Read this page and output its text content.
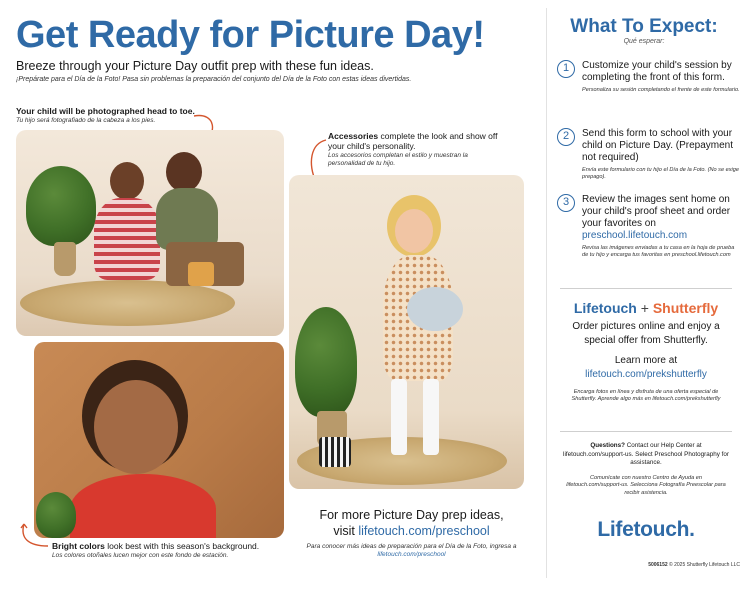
Get Ready for Picture Day!
Breeze through your Picture Day outfit prep with these fun ideas.
¡Prepárate para el Día de la Foto! Pasa sin problemas la preparación del conjunto del Día de la Foto con estas ideas divertidas.
Your child will be photographed head to toe.
Tu hijo será fotografiado de la cabeza a los pies.
Bright colors look best with this season's background.
Los colores otoñales lucen mejor con este fondo de estación.
Accessories complete the look and show off your child's personality.
Los accesorios completan el estilo y muestran la personalidad de tu hijo.
For more Picture Day prep ideas,
visit lifetouch.com/preschool
Para conocer más ideas de preparación para el Día de la Foto, ingresa a lifetouch.com/preschool
What To Expect:
Qué esperar:
1	Customize your child's session by completing the front of this form.
Personaliza su sesión completando el frente de este formulario.
2	Send this form to school with your child on Picture Day. (Prepayment not required)
Envía este formulario con tu hijo el Día de la Foto. (No se exige prepago).
3	Review the images sent home on your child's proof sheet and order your favorites on preschool.lifetouch.com
Revisa las imágenes enviadas a tu casa en la hoja de prueba de tu hijo y encarga tus favoritas en preschool.lifetouch.com
Lifetouch + Shutterfly
Order pictures online and enjoy a special offer from Shutterfly.
Learn more at
lifetouch.com/prekshutterfly
Encarga fotos en línea y disfruta de una oferta especial de Shutterfly. Aprende algo más en lifetouch.com/prekshutterfly
Questions? Contact our Help Center at lifetouch.com/support-us. Select Preschool Photography for assistance.
Comunícate con nuestro Centro de Ayuda en lifetouch.com/support-us. Selecciona Fotografía Preescolar para recibir asistencia.
Lifetouch.
5006152 © 2025 Shutterfly Lifetouch LLC
